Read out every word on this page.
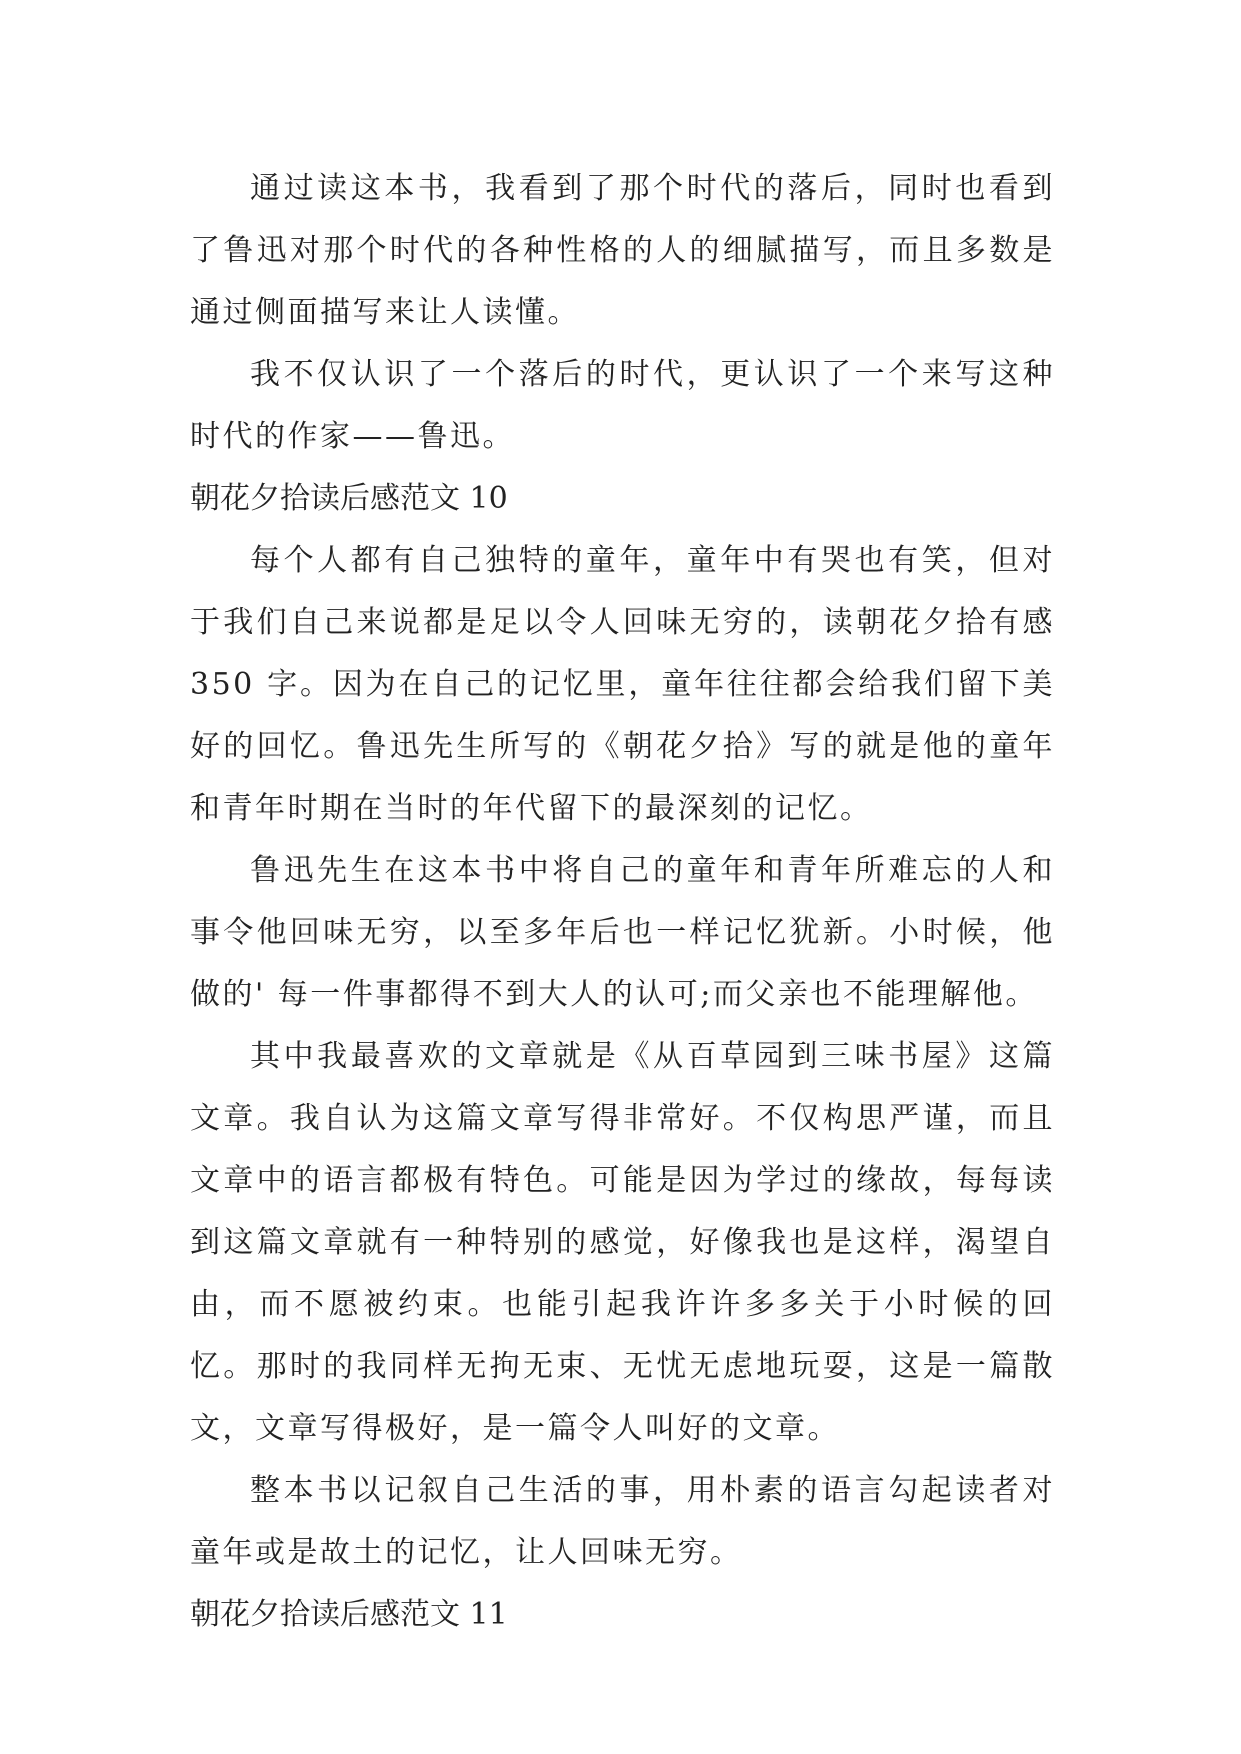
通过读这本书，我看到了那个时代的落后，同时也看到了鲁迅对那个时代的各种性格的人的细腻描写，而且多数是通过侧面描写来让人读懂。

我不仅认识了一个落后的时代，更认识了一个来写这种时代的作家——鲁迅。

朝花夕拾读后感范文 10

每个人都有自己独特的童年，童年中有哭也有笑，但对于我们自己来说都是足以令人回味无穷的，读朝花夕拾有感 350 字。因为在自己的记忆里，童年往往都会给我们留下美好的回忆。鲁迅先生所写的《朝花夕拾》写的就是他的童年和青年时期在当时的年代留下的最深刻的记忆。

鲁迅先生在这本书中将自己的童年和青年所难忘的人和事令他回味无穷，以至多年后也一样记忆犹新。小时候，他做的' 每一件事都得不到大人的认可;而父亲也不能理解他。

其中我最喜欢的文章就是《从百草园到三味书屋》这篇文章。我自认为这篇文章写得非常好。不仅构思严谨，而且文章中的语言都极有特色。可能是因为学过的缘故，每每读到这篇文章就有一种特别的感觉，好像我也是这样，渴望自由，而不愿被约束。也能引起我许许多多关于小时候的回忆。那时的我同样无拘无束、无忧无虑地玩耍，这是一篇散文，文章写得极好，是一篇令人叫好的文章。

整本书以记叙自己生活的事，用朴素的语言勾起读者对童年或是故土的记忆，让人回味无穷。

朝花夕拾读后感范文 11
